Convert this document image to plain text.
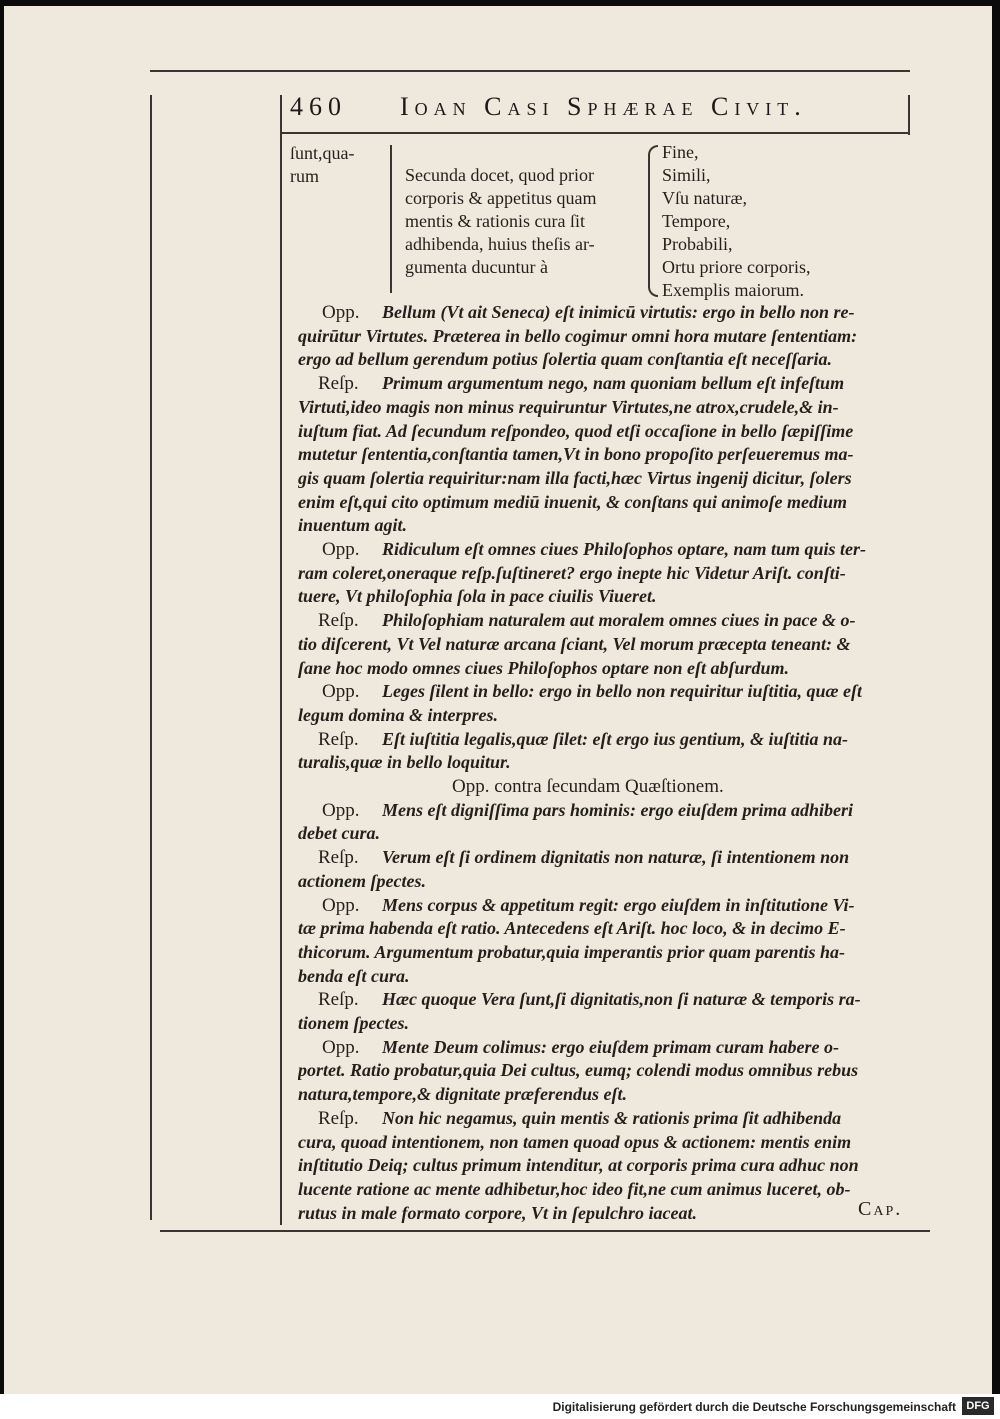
460 Ioan Casi Sphærae Civit.
ſunt,qua-
rum	Secunda docet, quod prior
corporis & appetitus quam
mentis & rationis cura ſit
adhibenda, huius theſis ar-
gumenta ducuntur à
Fine,
Simili,
Vſu naturæ,
Tempore,
Probabili,
Ortu priore corporis,
Exemplis maiorum.
Opp. Bellum (Vt ait Seneca) eſt inimicū virtutis: ergo in bello non re-
quirūtur Virtutes. Præterea in bello cogimur omni hora mutare ſententiam:
ergo ad bellum gerendum potius ſolertia quam conſtantia eſt neceſſaria.
Reſp. Primum argumentum nego, nam quoniam bellum eſt infeſtum
Virtuti,ideo magis non minus requiruntur Virtutes,ne atrox,crudele,& in-
iuſtum fiat. Ad ſecundum reſpondeo, quod etſi occaſione in bello ſæpiſſime
mutetur ſententia,conſtantia tamen,Vt in bono propoſito perſeueremus ma-
gis quam ſolertia requiritur:nam illa facti,hæc Virtus ingenij dicitur, ſolers
enim eſt,qui cito optimum mediū inuenit, & conſtans qui animoſe medium
inuentum agit.
Opp. Ridiculum eſt omnes ciues Philoſophos optare, nam tum quis ter-
ram coleret,oneraque reſp.ſuſtineret? ergo inepte hic Videtur Ariſt. conſti-
tuere, Vt philoſophia ſola in pace ciuilis Viueret.
Reſp. Philoſophiam naturalem aut moralem omnes ciues in pace & o-
tio diſcerent, Vt Vel naturæ arcana ſciant, Vel morum præcepta teneant: &
ſane hoc modo omnes ciues Philoſophos optare non eſt abſurdum.
Opp. Leges ſilent in bello: ergo in bello non requiritur iuſtitia, quæ eſt
legum domina & interpres.
Reſp. Eſt iuſtitia legalis,quæ ſilet: eſt ergo ius gentium, & iuſtitia na-
turalis,quæ in bello loquitur.
Opp. contra ſecundam Quæſtionem.
Opp. Mens eſt digniſſima pars hominis: ergo eiuſdem prima adhiberi
debet cura.
Reſp. Verum eſt ſi ordinem dignitatis non naturæ, ſi intentionem non
actionem ſpectes.
Opp. Mens corpus & appetitum regit: ergo eiuſdem in inſtitutione Vi-
tæ prima habenda eſt ratio. Antecedens eſt Ariſt. hoc loco, & in decimo E-
thicorum. Argumentum probatur,quia imperantis prior quam parentis ha-
benda eſt cura.
Reſp. Hæc quoque Vera ſunt,ſi dignitatis,non ſi naturæ & temporis ra-
tionem ſpectes.
Opp. Mente Deum colimus: ergo eiuſdem primam curam habere o-
portet. Ratio probatur,quia Dei cultus, eumq; colendi modus omnibus rebus
natura,tempore,& dignitate præferendus eſt.
Reſp. Non hic negamus, quin mentis & rationis prima ſit adhibenda
cura, quoad intentionem, non tamen quoad opus & actionem: mentis enim
inſtitutio Deiq; cultus primum intenditur, at corporis prima cura adhuc non
lucente ratione ac mente adhibetur,hoc ideo fit,ne cum animus luceret, ob-
rutus in male formato corpore, Vt in ſepulchro iaceat.	Cap.
Digitalisierung gefördert durch die Deutsche Forschungsgemeinschaft DFG
